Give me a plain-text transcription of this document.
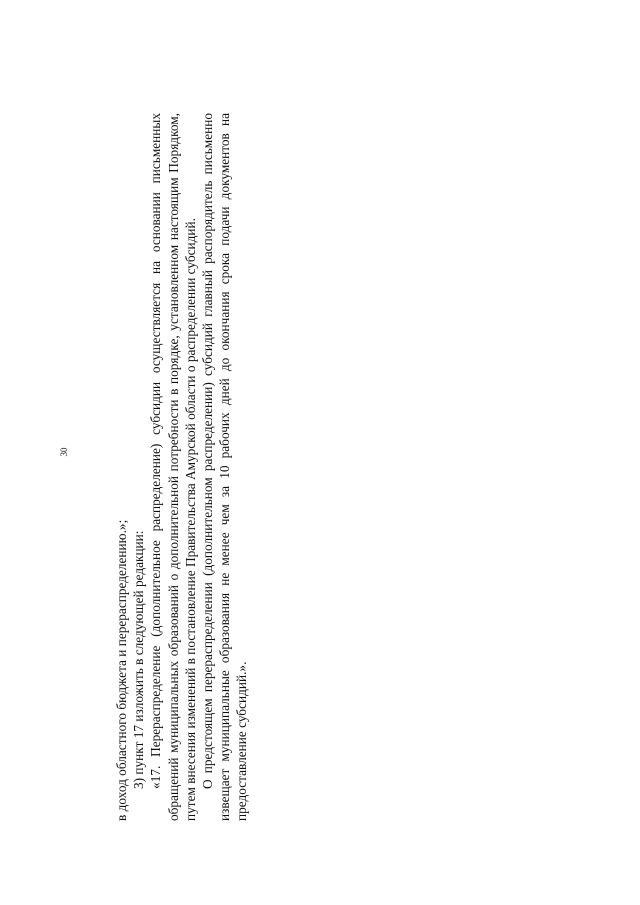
30

в доход областного бюджета и перераспределению.»; 3) пункт 17 изложить в следующей редакции: «17. Перераспределение (дополнительное распределение) субсидии осуществляется на основании письменных обращений муниципальных образований о дополнительной потребности в порядке, установленном настоящим Порядком, путем внесения изменений в постановление Правительства Амурской области о распределении субсидий. О предстоящем перераспределении (дополнительном распределении) субсидий главный распорядитель письменно извещает муниципальные образования не менее чем за 10 рабочих дней до окончания срока подачи документов на предоставление субсидий.».
